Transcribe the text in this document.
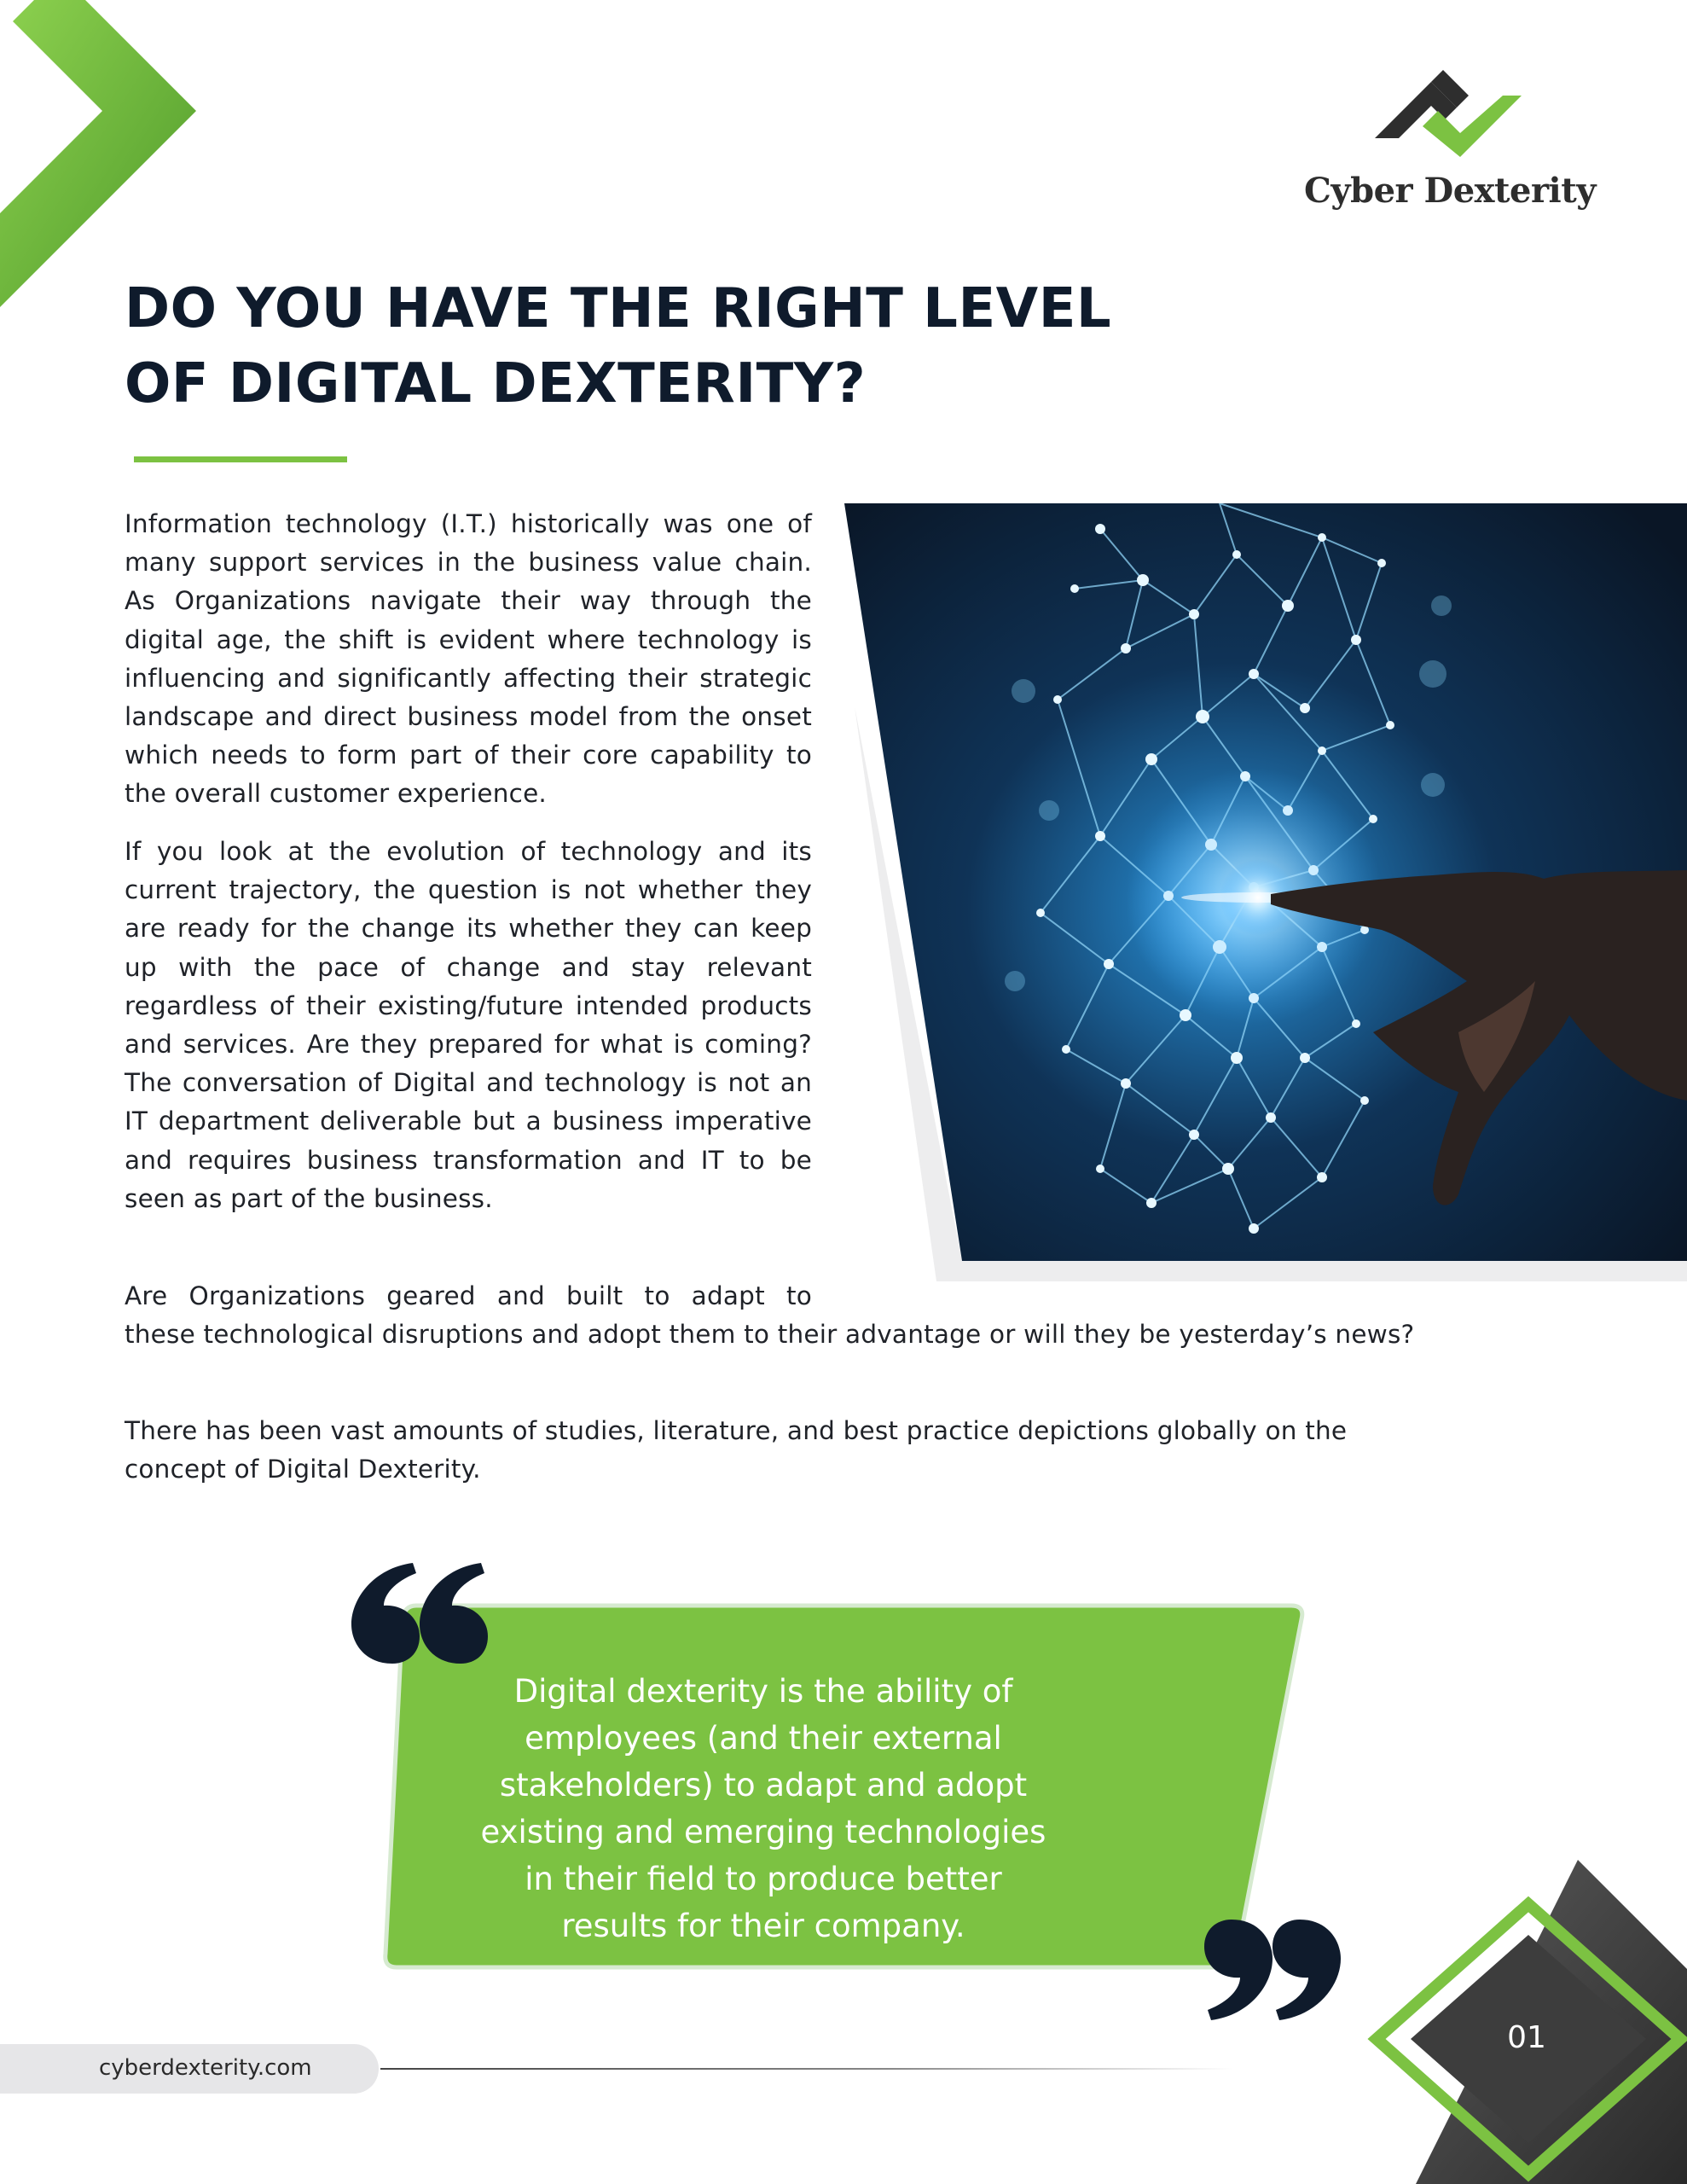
Cyber Dexterity
DO YOU HAVE THE RIGHT LEVEL
OF DIGITAL DEXTERITY?

Information technology (I.T.) historically was one of many support services in the business value chain. As Organizations navigate their way through the digital age, the shift is evident where technology is influencing and significantly affecting their strategic landscape and direct business model from the onset which needs to form part of their core capability to the overall customer experience.

If you look at the evolution of technology and its current trajectory, the question is not whether they are ready for the change its whether they can keep up with the pace of change and stay relevant regardless of their existing/future intended products and services. Are they prepared for what is coming? The conversation of Digital and technology is not an IT department deliverable but a business imperative and requires business transformation and IT to be seen as part of the business.

Are Organizations geared and built to adapt to

these technological disruptions and adopt them to their advantage or will they be yesterday’s news?

There has been vast amounts of studies, literature, and best practice depictions globally on the concept of Digital Dexterity.

Digital dexterity is the ability of employees (and their external stakeholders) to adapt and adopt existing and emerging technologies in their field to produce better results for their company.

cyberdexterity.com
01
